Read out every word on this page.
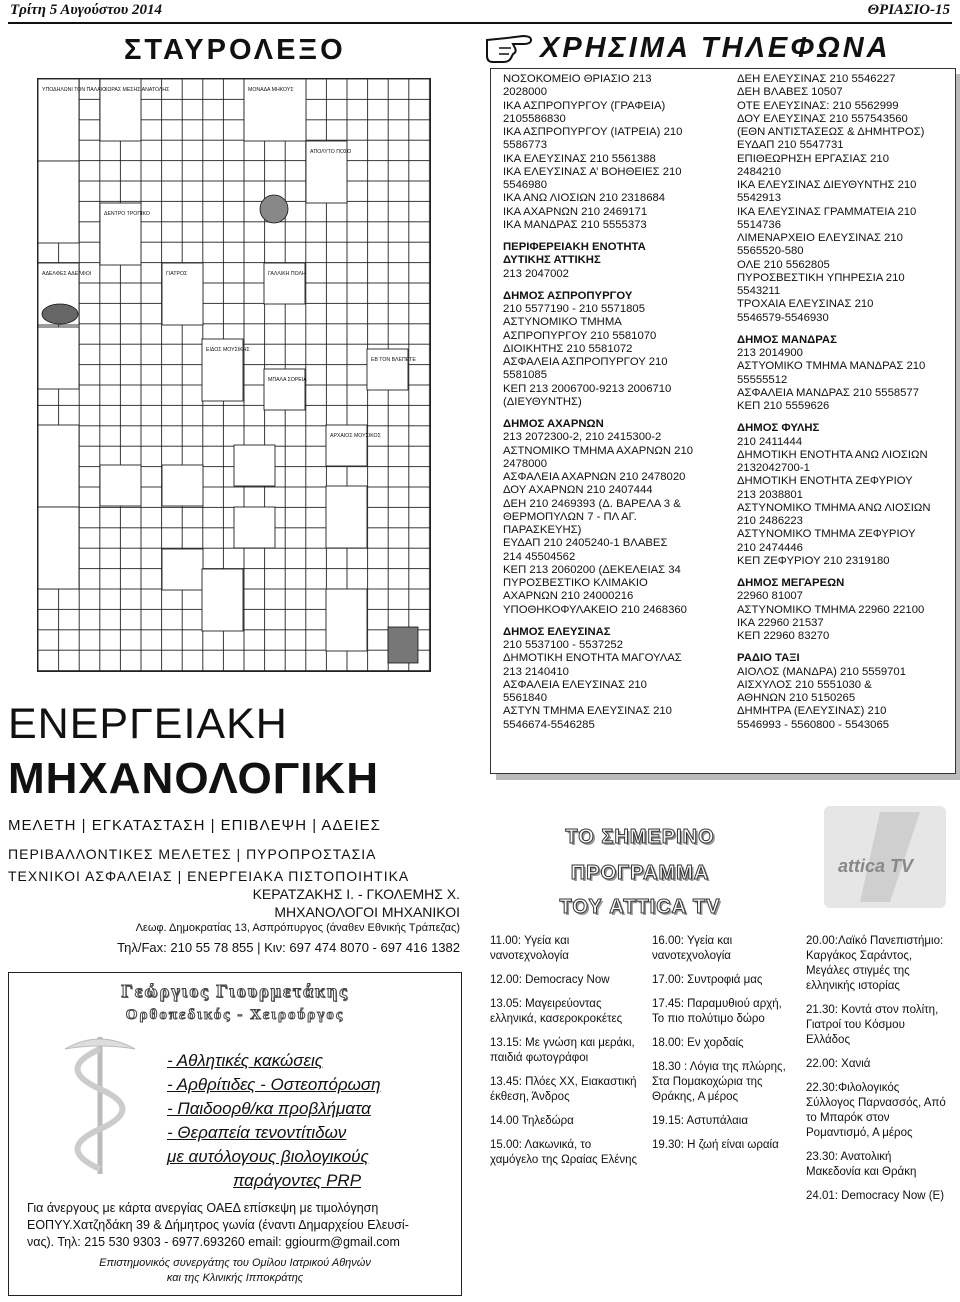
Τρίτη 5 Αυγούστου 2014	ΘΡΙΑΣΙΟ-15
ΣΤΑΥΡΟΛΕΞΟ	ΧΡΗΣΙΜΑ ΤΗΛΕΦΩΝΑ
ΥΠΟΔΗΛΩΝΙ ΤΟΝ ΠΑΛΑΙΟ
ΧΩΡΑΣ ΜΕΣΗΣ ΑΝΑΤΟΛΗΣ	ΜΟΝΑΔΑ ΜΗΚΟΥΣ
ΑΠΟΛΥΤΟ ΠΟΣΟ
ΔΕΝΤΡΟ ΤΡΟΠΙΚΟ
ΑΔΕΛΦΕΣ ΑΔΕΛΦΟΙ	ΓΙΑΤΡΟΣ	ΓΑΛΛΙΚΗ ΠΟΛΗ
ΕΙΔΟΣ ΜΟΥΣΙΚΗΣ
ΜΠΑΛΑ ΣΟΡΕΙΑ
ΕΒ ΤΟΝ ΒΛΕΠΕΤΕ
ΑΡΧΑΙΟΣ ΜΟΥΣΙΚΟΣ
ΝΟΣΟΚΟΜΕΙΟ ΘΡΙΑΣΙΟ 213
2028000
ΙΚΑ ΑΣΠΡΟΠΥΡΓΟΥ (ΓΡΑΦΕΙΑ)
2105586830
ΙΚΑ ΑΣΠΡΟΠΥΡΓΟΥ (ΙΑΤΡΕΙΑ) 210
5586773
ΙΚΑ ΕΛΕΥΣΙΝΑΣ 210 5561388
ΙΚΑ ΕΛΕΥΣΙΝΑΣ Α’ ΒΟΗΘΕΙΕΣ 210
5546980
ΙΚΑ ΑΝΩ ΛΙΟΣΙΩΝ 210 2318684
ΙΚΑ ΑΧΑΡΝΩΝ 210 2469171
ΙΚΑ ΜΑΝΔΡΑΣ 210 5555373
ΠΕΡΙΦΕΡΕΙΑΚΗ ΕΝΟΤΗΤΑ
ΔΥΤΙΚΗΣ ΑΤΤΙΚΗΣ
213 2047002
ΔΗΜΟΣ ΑΣΠΡΟΠΥΡΓΟΥ
210 5577190 - 210 5571805
ΑΣΤΥΝΟΜΙΚΟ ΤΜΗΜΑ
ΑΣΠΡΟΠΥΡΓΟΥ 210 5581070
ΔΙΟΙΚΗΤΗΣ 210 5581072
ΑΣΦΑΛΕΙΑ ΑΣΠΡΟΠΥΡΓΟΥ 210
5581085
ΚΕΠ 213 2006700-9213 2006710
(ΔΙΕΥΘΥΝΤΗΣ)
ΔΗΜΟΣ ΑΧΑΡΝΩΝ
213 2072300-2, 210 2415300-2
ΑΣΤΝΟΜΙΚΟ ΤΜΗΜΑ ΑΧΑΡΝΩΝ 210
2478000
ΑΣΦΑΛΕΙΑ ΑΧΑΡΝΩΝ 210 2478020
ΔΟΥ ΑΧΑΡΝΩΝ 210 2407444
ΔΕΗ 210 2469393 (Δ. ΒΑΡΕΛΑ 3 &
ΘΕΡΜΟΠΥΛΩΝ 7 - ΠΛ ΑΓ.
ΠΑΡΑΣΚΕΥΗΣ)
ΕΥΔΑΠ 210 2405240-1 ΒΛΑΒΕΣ
214 45504562
ΚΕΠ 213 2060200 (ΔΕΚΕΛΕΙΑΣ 34
ΠΥΡΟΣΒΕΣΤΙΚΟ ΚΛΙΜΑΚΙΟ
ΑΧΑΡΝΩΝ 210 24000216
ΥΠΟΘΗΚΟΦΥΛΑΚΕΙΟ 210 2468360
ΔΗΜΟΣ ΕΛΕΥΣΙΝΑΣ
210 5537100 - 5537252
ΔΗΜΟΤΙΚΗ ΕΝΟΤΗΤΑ ΜΑΓΟΥΛΑΣ
213 2140410
ΑΣΦΑΛΕΙΑ ΕΛΕΥΣΙΝΑΣ 210
5561840
ΑΣΤΥΝ ΤΜΗΜΑ ΕΛΕΥΣΙΝΑΣ 210
5546674-5546285
ΔΕΗ ΕΛΕΥΣΙΝΑΣ 210 5546227
ΔΕΗ ΒΛΑΒΕΣ 10507
ΟΤΕ ΕΛΕΥΣΙΝΑΣ: 210 5562999
ΔΟΥ ΕΛΕΥΣΙΝΑΣ 210 557543560
(ΕΘΝ ΑΝΤΙΣΤΑΣΕΩΣ & ΔΗΜΗΤΡΟΣ)
ΕΥΔΑΠ 210 5547731
ΕΠΙΘΕΩΡΗΣΗ ΕΡΓΑΣΙΑΣ 210
2484210
ΙΚΑ ΕΛΕΥΣΙΝΑΣ ΔΙΕΥΘΥΝΤΗΣ 210
5542913
ΙΚΑ ΕΛΕΥΣΙΝΑΣ ΓΡΑΜΜΑΤΕΙΑ 210
5514736
ΛΙΜΕΝΑΡΧΕΙΟ ΕΛΕΥΣΙΝΑΣ 210
5565520-580
ΟΛΕ 210 5562805
ΠΥΡΟΣΒΕΣΤΙΚΗ ΥΠΗΡΕΣΙΑ 210
5543211
ΤΡΟΧΑΙΑ ΕΛΕΥΣΙΝΑΣ 210
5546579-5546930
ΔΗΜΟΣ ΜΑΝΔΡΑΣ
213 2014900
ΑΣΤΥΟΜΙΚΟ ΤΜΗΜΑ ΜΑΝΔΡΑΣ 210
55555512
ΑΣΦΑΛΕΙΑ ΜΑΝΔΡΑΣ 210 5558577
ΚΕΠ 210 5559626
ΔΗΜΟΣ ΦΥΛΗΣ
210 2411444
ΔΗΜΟΤΙΚΗ ΕΝΟΤΗΤΑ ΑΝΩ ΛΙΟΣΙΩΝ
2132042700-1
ΔΗΜΟΤΙΚΗ ΕΝΟΤΗΤΑ ΖΕΦΥΡΙΟΥ
213 2038801
ΑΣΤΥΝΟΜΙΚΟ ΤΜΗΜΑ ΑΝΩ ΛΙΟΣΙΩΝ
210 2486223
ΑΣΤΥΝΟΜΙΚΟ ΤΜΗΜΑ ΖΕΦΥΡΙΟΥ
210 2474446
ΚΕΠ ΖΕΦΥΡΙΟΥ 210 2319180
ΔΗΜΟΣ ΜΕΓΑΡΕΩΝ
22960 81007
ΑΣΤΥΝΟΜΙΚΟ ΤΜΗΜΑ 22960 22100
ΙΚΑ 22960 21537
ΚΕΠ 22960 83270
ΡΑΔΙΟ ΤΑΞΙ
ΑΙΟΛΟΣ (ΜΑΝΔΡΑ) 210 5559701
ΑΙΣΧΥΛΟΣ 210 5551030 &
ΑΘΗΝΩΝ 210 5150265
ΔΗΜΗΤΡΑ (ΕΛΕΥΣΙΝΑΣ) 210
5546993 - 5560800 - 5543065
ΕΝΕΡΓΕΙΑΚΗ
ΜΗΧΑΝΟΛΟΓΙΚΗ
ΜΕΛΕΤΗ | ΕΓΚΑΤΑΣΤΑΣΗ | ΕΠΙΒΛΕΨΗ | ΑΔΕΙΕΣ
ΠΕΡΙΒΑΛΛΟΝΤΙΚΕΣ ΜΕΛΕΤΕΣ | ΠΥΡΟΠΡΟΣΤΑΣΙΑ
ΤΕΧΝΙΚΟΙ ΑΣΦΑΛΕΙΑΣ | ΕΝΕΡΓΕΙΑΚΑ ΠΙΣΤΟΠΟΙΗΤΙΚΑ
ΚΕΡΑΤΖΑΚΗΣ Ι. - ΓΚΟΛΕΜΗΣ Χ.
ΜΗΧΑΝΟΛΟΓΟΙ ΜΗΧΑΝΙΚΟΙ
Λεωφ. Δημοκρατίας 13, Ασπρόπυργος (άναθεν Εθνικής Τράπεζας)
Τηλ/Fax: 210 55 78 855 | Κιν: 697 474 8070 - 697 416 1382
Γεώργιος Γιουρμετάκης
Ορθοπεδικός - Χειρούργος
- Αθλητικές κακώσεις
- Αρθρίτιδες - Οστεοπόρωση
- Παιδοορθ/κα προβλήματα
- Θεραπεία τενοντίτιδων
με αυτόλογους βιολογικούς
παράγοντες PRP
Για άνεργους με κάρτα ανεργίας ΟΑΕΔ επίσκεψη με τιμολόγηση
ΕΟΠΥΥ.Χατζηδάκη 39 & Δήμητρος γωνία (έναντι Δημαρχείου Ελευσί-
νας). Τηλ: 215 530 9303 - 6977.693260 email: ggiourm@gmail.com
Επιστημονικός συνεργάτης του Ομίλου Ιατρικού Αθηνών
και της Κλινικής Ιπποκράτης
ΤΟ ΣΗΜΕΡΙΝΟ
ΠΡΟΓΡΑΜΜΑ
ΤΟΥ ATTICA TV
attica TV

11.00: Υγεία και νανοτεχνολογία

12.00: Democracy Now

13.05: Μαγειρεύοντας ελληνικά, κασεροκροκέτες

13.15: Με γνώση και μεράκι, παιδιά φωτογράφοι

13.45: Πλόες ΧΧ, Ειακαστική έκθεση, Άνδρος

14.00 Τηλεδώρα

15.00: Λακωνικά, το χαμόγελο της Ωραίας Ελένης

16.00: Υγεία και νανοτεχνολογία

17.00: Συντροφιά μας

17.45: Παραμυθιού αρχή, Το πιο πολύτιμο δώρο

18.00: Εν χορδαίς

18.30 : Λόγια της πλώρης, Στα Πομακοχώρια της Θράκης, Α μέρος

19.15: Αστυπάλαια

19.30: Η ζωή είναι ωραία

20.00:Λαϊκό Πανεπιστήμιο: Καργάκος Σαράντος, Μεγάλες στιγμές της ελληνικής ιστορίας

21.30: Κοντά στον πολίτη, Γιατροί του Κόσμου Ελλάδος

22.00: Χανιά

22.30:Φιλολογικός Σύλλογος Παρνασσός, Από το Μπαρόκ στον Ρομαντισμό, Α μέρος

23.30: Ανατολική Μακεδονία και Θράκη

24.01: Democracy Now (E)
